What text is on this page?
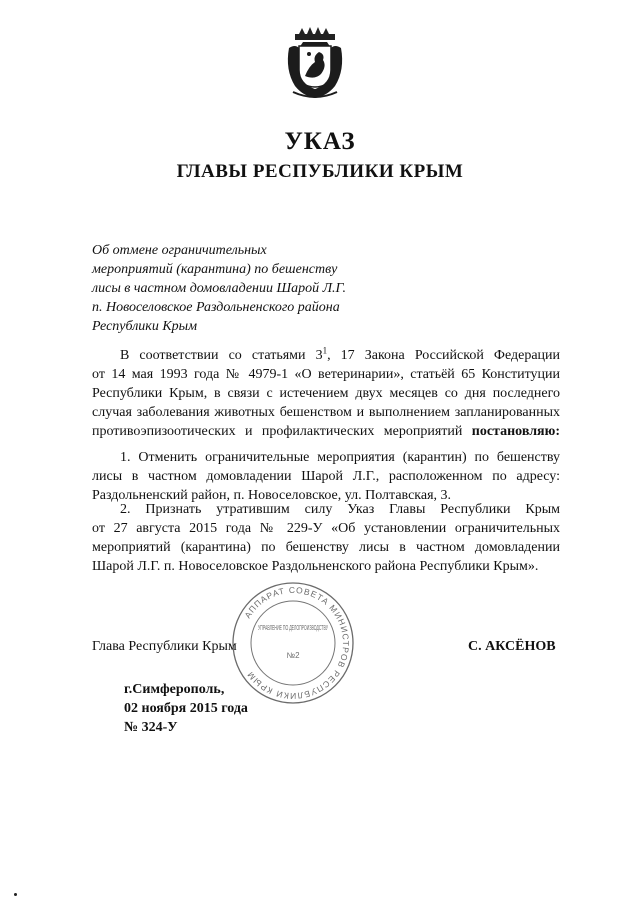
УКАЗ
ГЛАВЫ РЕСПУБЛИКИ КРЫМ
Об отмене ограничительных
мероприятий (карантина) по бешенству
лисы в частном домовладении Шарой Л.Г.
п. Новоселовское Раздольненского района
Республики Крым
В соответствии со статьями $3^1$, 17 Закона Российской Федерации
от 14 мая 1993 года № 4979-1 «О ветеринарии», статьёй 65 Конституции
Республики Крым, в связи с истечением двух месяцев со дня последнего
случая заболевания животных бешенством и выполнением запланированных
противоэпизоотических и профилактических мероприятий постановляю:
1. Отменить ограничительные мероприятия (карантин) по бешенству
лисы в частном домовладении Шарой Л.Г., расположенном по адресу:
Раздольненский район, п. Новоселовское, ул. Полтавская, 3.
2. Признать утратившим силу Указ Главы Республики Крым
от 27 августа 2015 года № 229-У «Об установлении ограничительных
мероприятий (карантина) по бешенству лисы в частном домовладении
Шарой Л.Г. п. Новоселовское Раздольненского района Республики Крым».
Глава Республики Крым	С. АКСЁНОВ
г.Симферополь,
02 ноября 2015 года
№ 324-У
АППАРАТ СОВЕТА МИНИСТРОВ РЕСПУБЛИКИ КРЫМ
УПРАВЛЕНИЕ ПО ДЕЛОПРОИЗВОДСТВУ
№2
